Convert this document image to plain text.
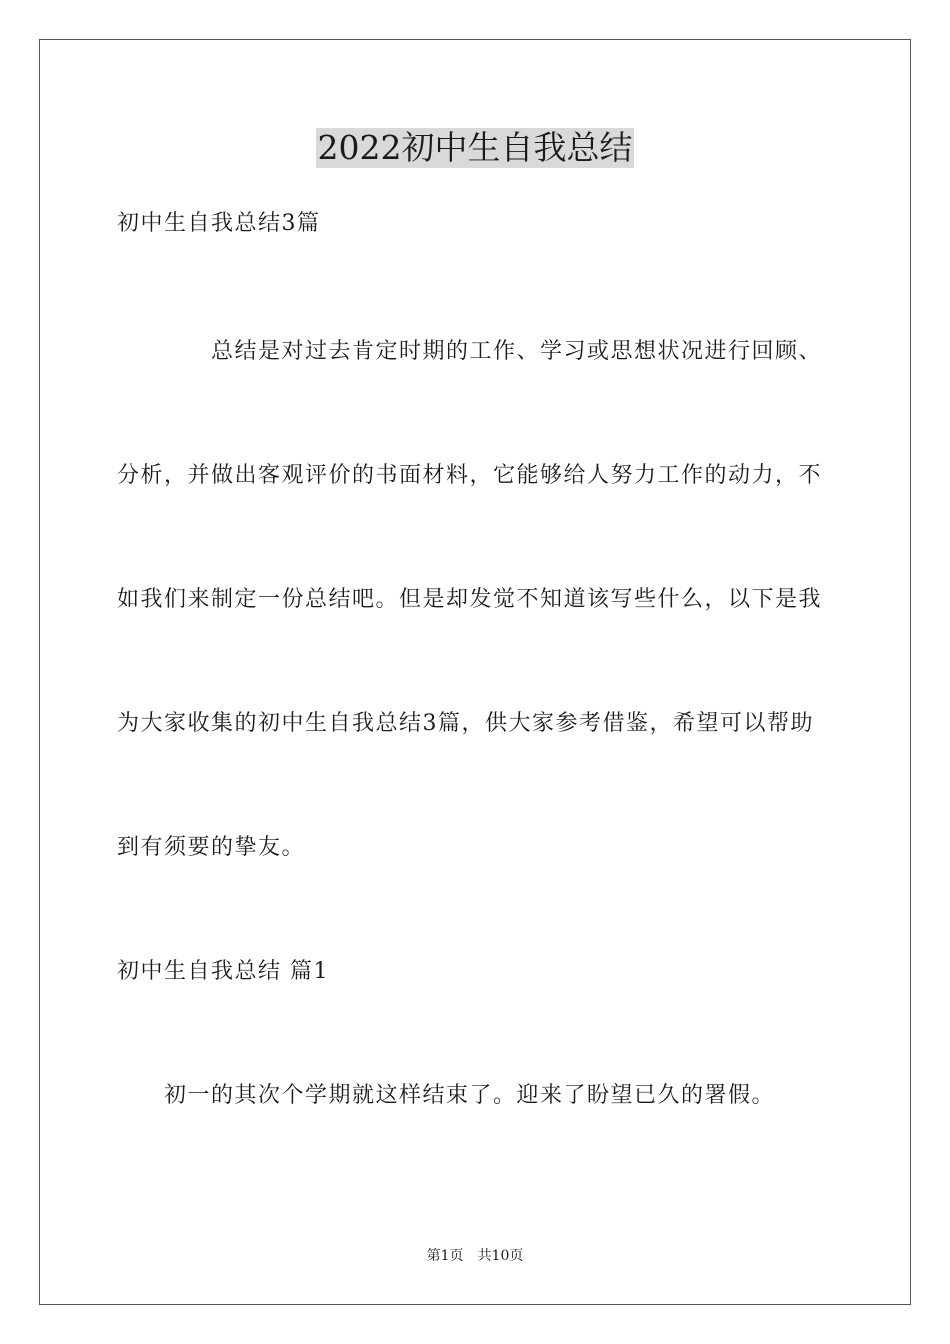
2022初中生自我总结
初中生自我总结3篇
总结是对过去肯定时期的工作、学习或思想状况进行回顾、
分析，并做出客观评价的书面材料，它能够给人努力工作的动力，不
如我们来制定一份总结吧。但是却发觉不知道该写些什么，以下是我
为大家收集的初中生自我总结3篇，供大家参考借鉴，希望可以帮助
到有须要的挚友。
初中生自我总结 篇1
初一的其次个学期就这样结束了。迎来了盼望已久的署假。
第1页　共10页
